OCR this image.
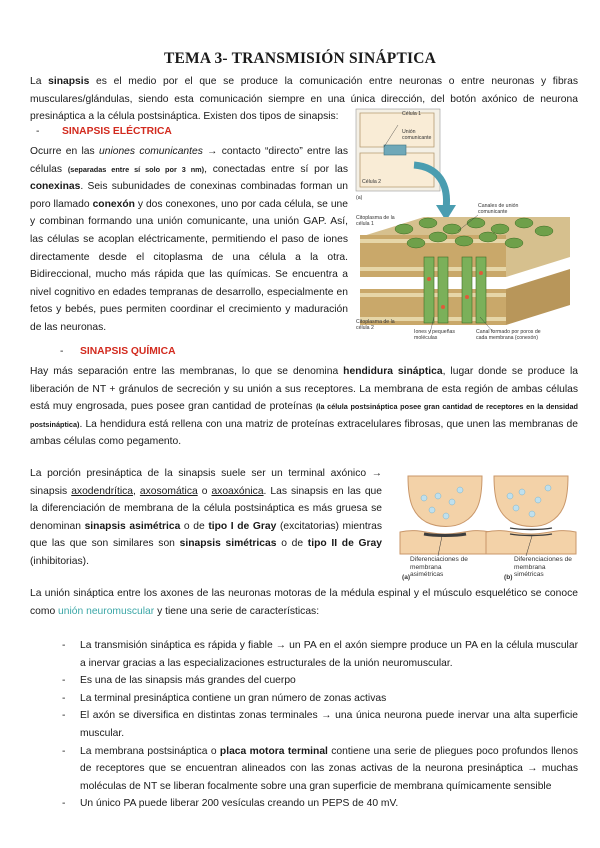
TEMA 3- TRANSMISIÓN SINÁPTICA

La sinapsis es el medio por el que se produce la comunicación entre neuronas o entre neuronas y fibras musculares/glándulas, siendo esta comunicación siempre en una única dirección, del botón axónico de neurona presináptica a la célula postsináptica. Existen dos tipos de sinapsis:

-	SINAPSIS ELÉCTRICA

Ocurre en las uniones comunicantes → contacto “directo” entre las células (separadas entre sí solo por 3 nm), conectadas entre sí por las conexinas. Seis subunidades de conexinas combinadas forman un poro llamado conexón y dos conexones, uno por cada célula, se une y combinan formando una unión comunicante, una unión GAP. Así, las células se acoplan eléctricamente, permitiendo el paso de iones directamente desde el citoplasma de una célula a la otra. Bidireccional, mucho más rápida que las químicas. Se encuentra a nivel cognitivo en edades tempranas de desarrollo, especialmente en fetos y bebés, pues permiten coordinar el crecimiento y maduración de las neuronas.

Célula 1
Unión comunicante
Célula 2
(a)
Citoplasma de la célula 1
Canales de unión comunicante
Citoplasma de la célula 2
Iones y pequeñas moléculas
Canal formado por poros de cada membrana (conexón)
-	SINAPSIS QUÍMICA

Hay más separación entre las membranas, lo que se denomina hendidura sináptica, lugar donde se produce la liberación de NT + gránulos de secreción y su unión a sus receptores. La membrana de esta región de ambas células está muy engrosada, pues posee gran cantidad de proteínas (la célula postsináptica posee gran cantidad de receptores en la densidad postsináptica). La hendidura está rellena con una matriz de proteínas extracelulares fibrosas, que unen las membranas de ambas células como pegamento.

La porción presináptica de la sinapsis suele ser un terminal axónico → sinapsis axodendrítica, axosomática o axoaxónica. Las sinapsis en las que la diferenciación de membrana de la célula postsináptica es más gruesa se denominan sinapsis asimétrica o de tipo I de Gray (excitatorias) mientras que las que son similares son sinapsis simétricas o de tipo II de Gray (inhibitorias).	Diferenciaciones de membrana asimétricas
(a)
Diferenciaciones de membrana simétricas
(b)

La unión sináptica entre los axones de las neuronas motoras de la médula espinal y el músculo esquelético se conoce como unión neuromuscular y tiene una serie de características:

- La transmisión sináptica es rápida y fiable → un PA en el axón siempre produce un PA en la célula muscular a inervar gracias a las especializaciones estructurales de la unión neuromuscular.
- Es una de las sinapsis más grandes del cuerpo
- La terminal presináptica contiene un gran número de zonas activas
- El axón se diversifica en distintas zonas terminales → una única neurona puede inervar una alta superficie muscular.
- La membrana postsináptica o placa motora terminal contiene una serie de pliegues poco profundos llenos de receptores que se encuentran alineados con las zonas activas de la neurona presináptica → muchas moléculas de NT se liberan focalmente sobre una gran superficie de membrana químicamente sensible
- Un único PA puede liberar 200 vesículas creando un PEPS de 40 mV.
